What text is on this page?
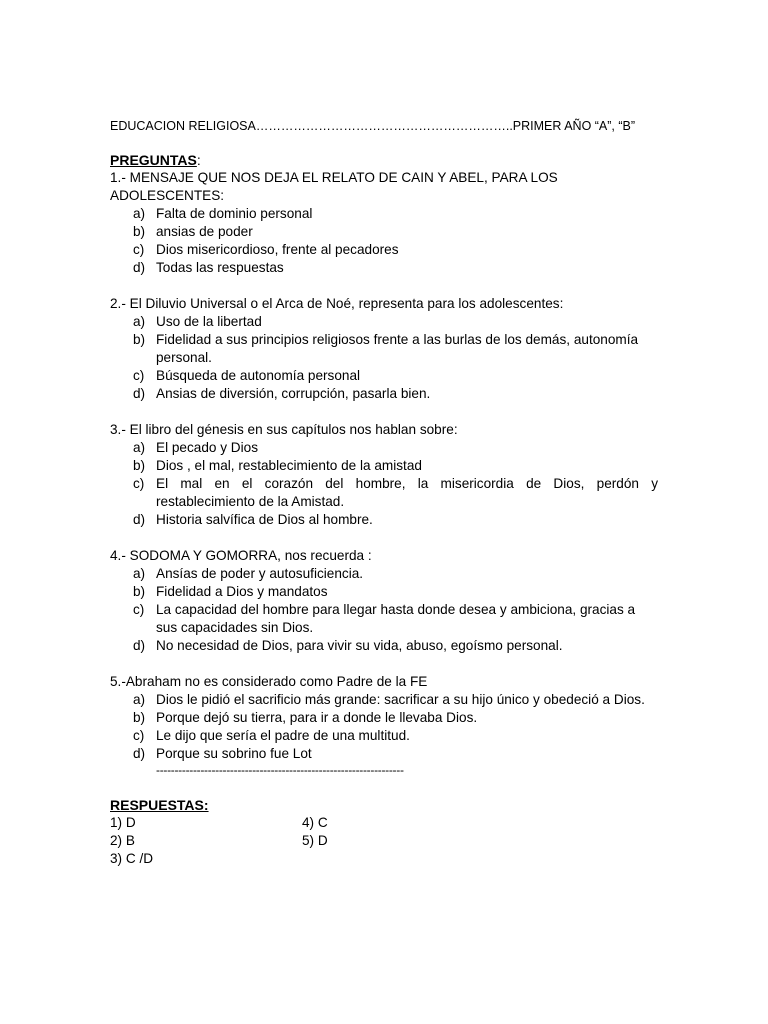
EDUCACION RELIGIOSA……………………………………………………..PRIMER AÑO “A”, “B”
PREGUNTAS:
1.- MENSAJE QUE NOS DEJA EL RELATO DE CAIN Y ABEL, PARA LOS ADOLESCENTES:
a) Falta de dominio personal
b) ansias de poder
c) Dios misericordioso, frente al pecadores
d) Todas las respuestas
2.- El Diluvio Universal o el Arca de Noé, representa para los adolescentes:
a) Uso de la libertad
b) Fidelidad a sus principios religiosos frente a las burlas de los demás, autonomía personal.
c) Búsqueda de autonomía personal
d) Ansias de diversión, corrupción, pasarla bien.
3.- El libro del génesis en sus capítulos nos hablan sobre:
a) El pecado y Dios
b) Dios , el mal, restablecimiento de la amistad
c) El mal en el corazón del hombre, la misericordia de Dios, perdón y restablecimiento de la Amistad.
d) Historia salvífica de Dios al hombre.
4.- SODOMA Y GOMORRA, nos recuerda :
a) Ansías de poder y autosuficiencia.
b) Fidelidad a Dios y mandatos
c) La capacidad del hombre para llegar hasta donde desea y ambiciona, gracias a sus capacidades sin Dios.
d) No necesidad de Dios, para vivir su vida, abuso, egoísmo personal.
5.-Abraham no es considerado como Padre de la FE
a) Dios le pidió el sacrificio más grande: sacrificar a su hijo único y obedeció a Dios.
b) Porque dejó su tierra, para ir a donde le llevaba Dios.
c) Le dijo que sería el padre de una multitud.
d) Porque su sobrino fue Lot
-------------------------------------------------------------------
RESPUESTAS:
1) D
2) B
3) C /D
4) C
5) D
